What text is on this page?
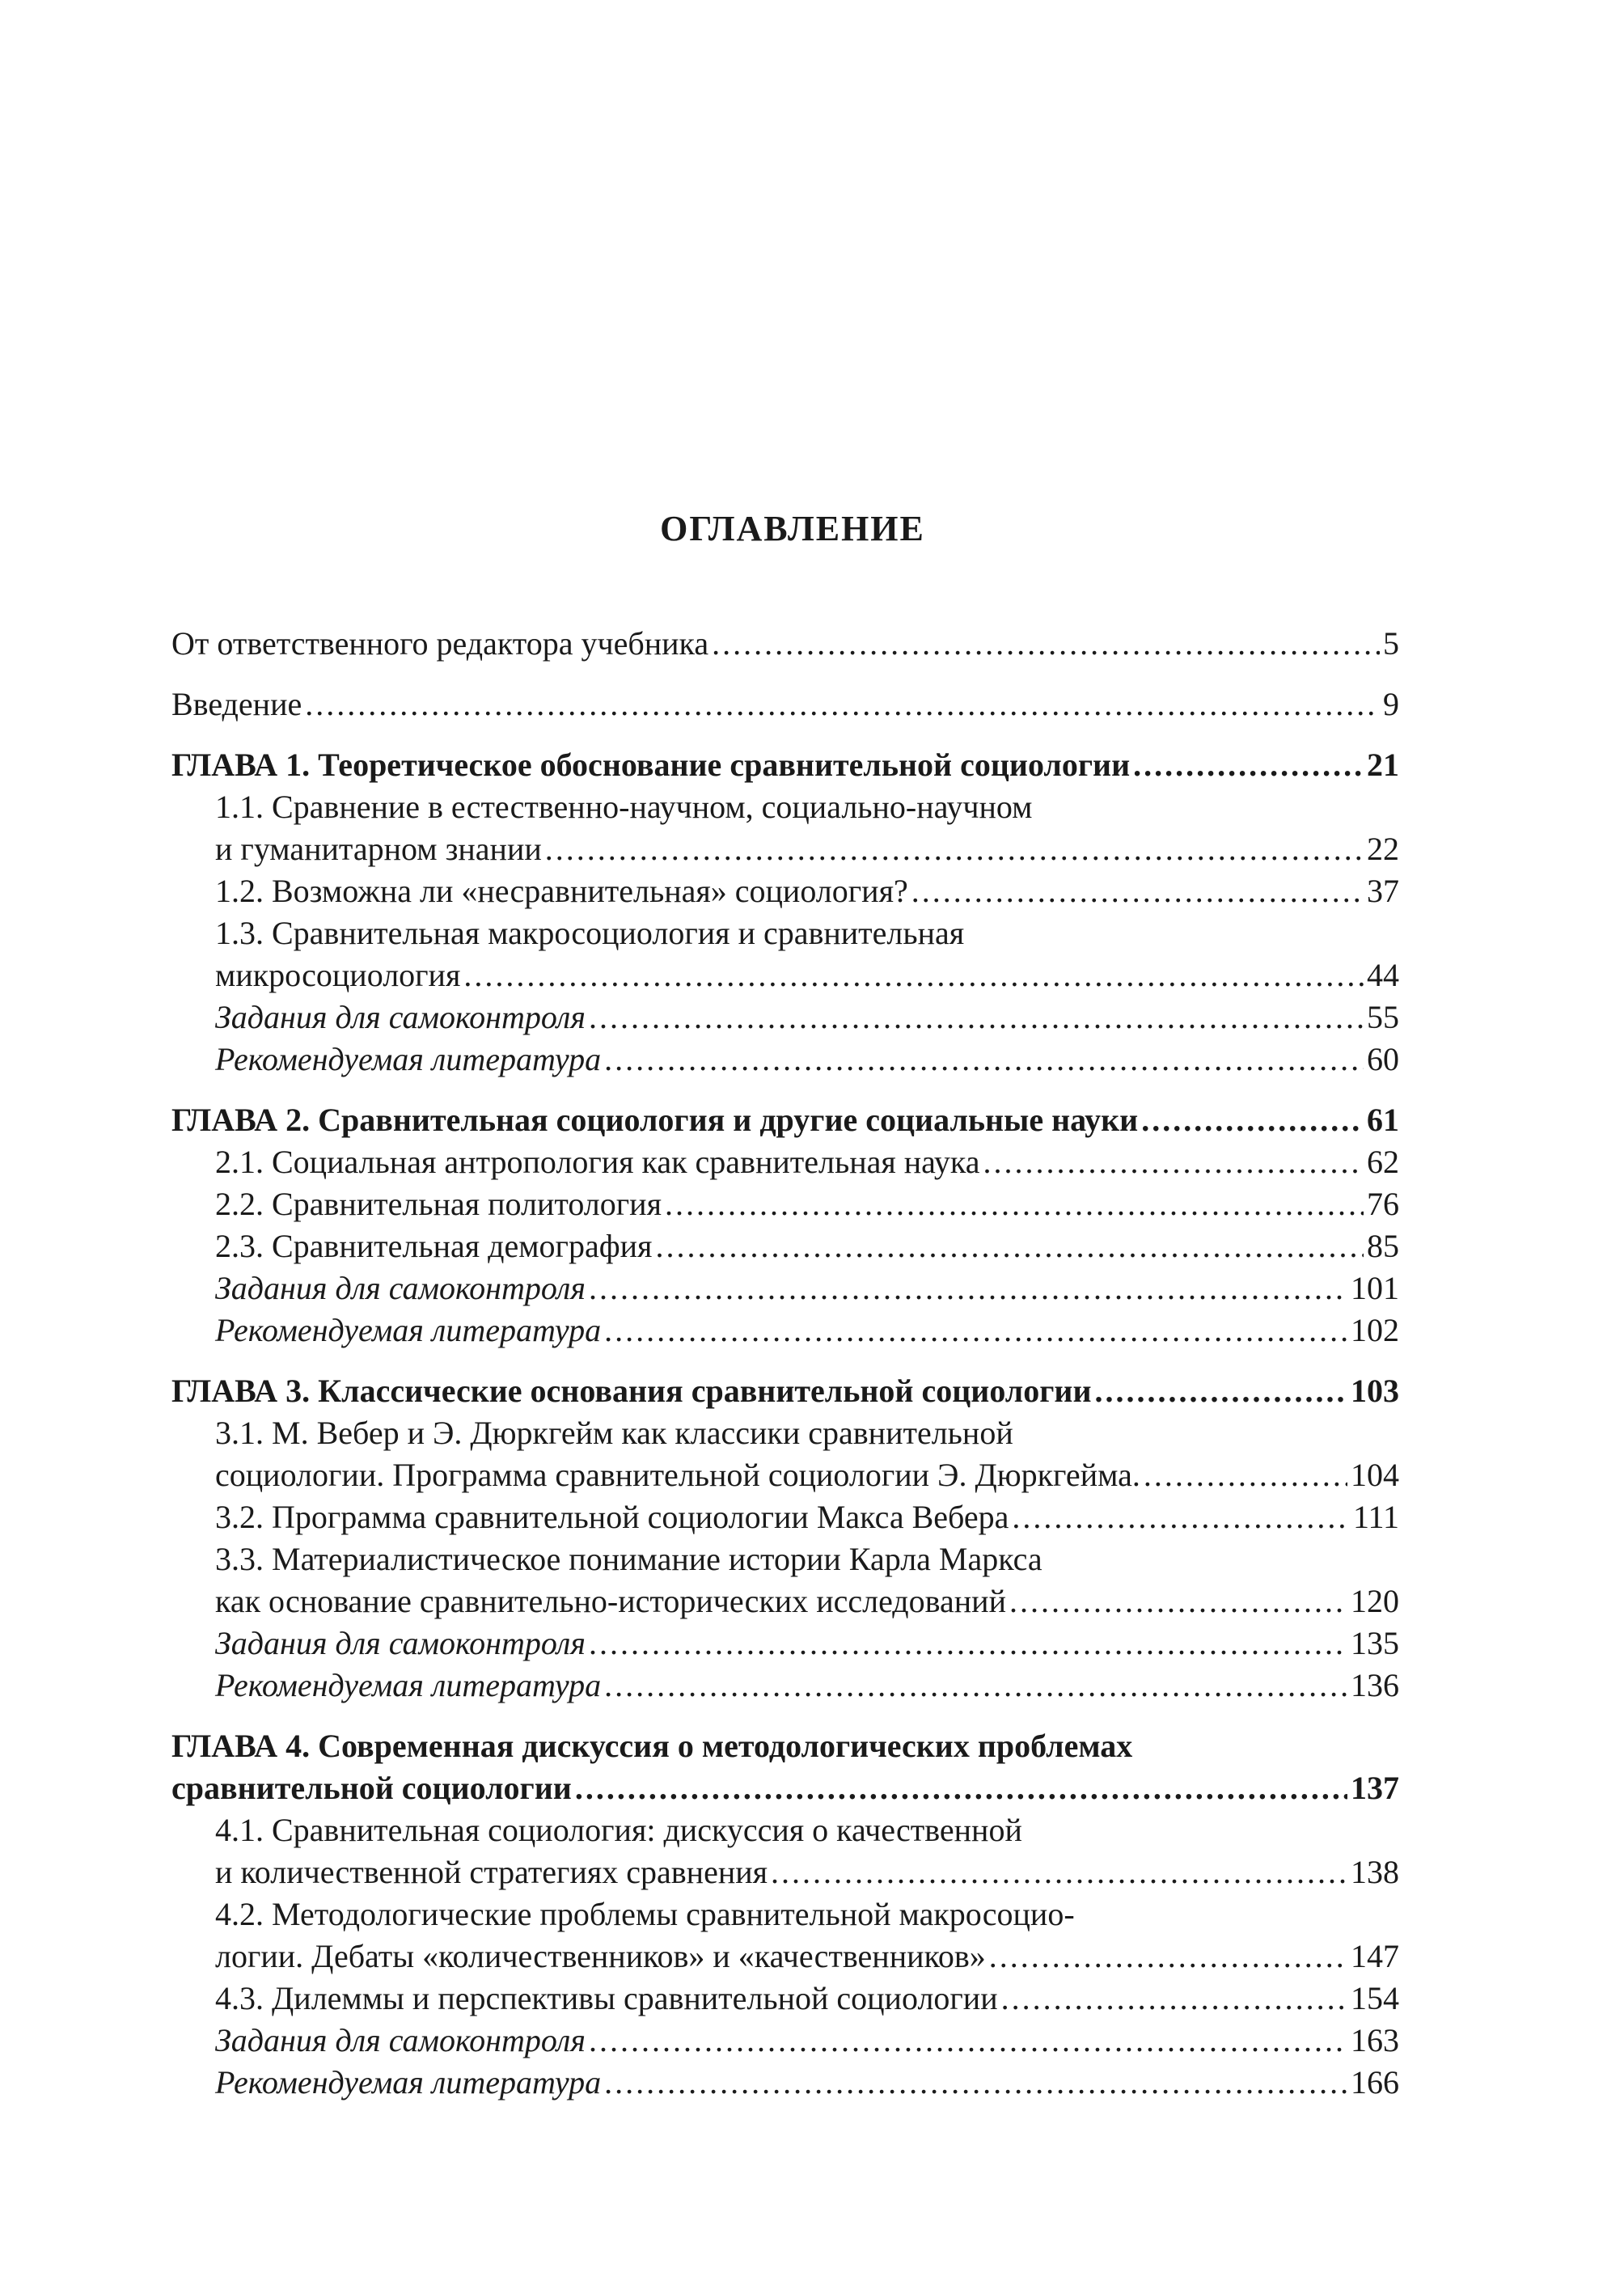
ОГЛАВЛЕНИЕ
От ответственного редактора учебника .....	5
Введение .....	9
ГЛАВА 1. Теоретическое обоснование сравнительной социологии .....	21
1.1. Сравнение в естественно-научном, социально-научном
и гуманитарном знании .....	22
1.2. Возможна ли «несравнительная» социология? .....	37
1.3. Сравнительная макросоциология и сравнительная
микросоциология .....	44
Задания для самоконтроля .....	55
Рекомендуемая литература .....	60
ГЛАВА 2. Сравнительная социология и другие социальные науки .....	61
2.1. Социальная антропология как сравнительная наука .....	62
2.2. Сравнительная политология .....	76
2.3. Сравнительная демография .....	85
Задания для самоконтроля .....	101
Рекомендуемая литература .....	102
ГЛАВА 3. Классические основания сравнительной социологии .....	103
3.1. М. Вебер и Э. Дюркгейм как классики сравнительной
социологии. Программа сравнительной социологии Э. Дюркгейма. .....	104
3.2. Программа сравнительной социологии Макса Вебера .....	111
3.3. Материалистическое понимание истории Карла Маркса
как основание сравнительно-исторических исследований .....	120
Задания для самоконтроля .....	135
Рекомендуемая литература .....	136
ГЛАВА 4. Современная дискуссия о методологических проблемах
сравнительной социологии .....	137
4.1. Сравнительная социология: дискуссия о качественной
и количественной стратегиях сравнения .....	138
4.2. Методологические проблемы сравнительной макросоцио-
логии. Дебаты «количественников» и «качественников» .....	147
4.3. Дилеммы и перспективы сравнительной социологии .....	154
Задания для самоконтроля .....	163
Рекомендуемая литература .....	166
